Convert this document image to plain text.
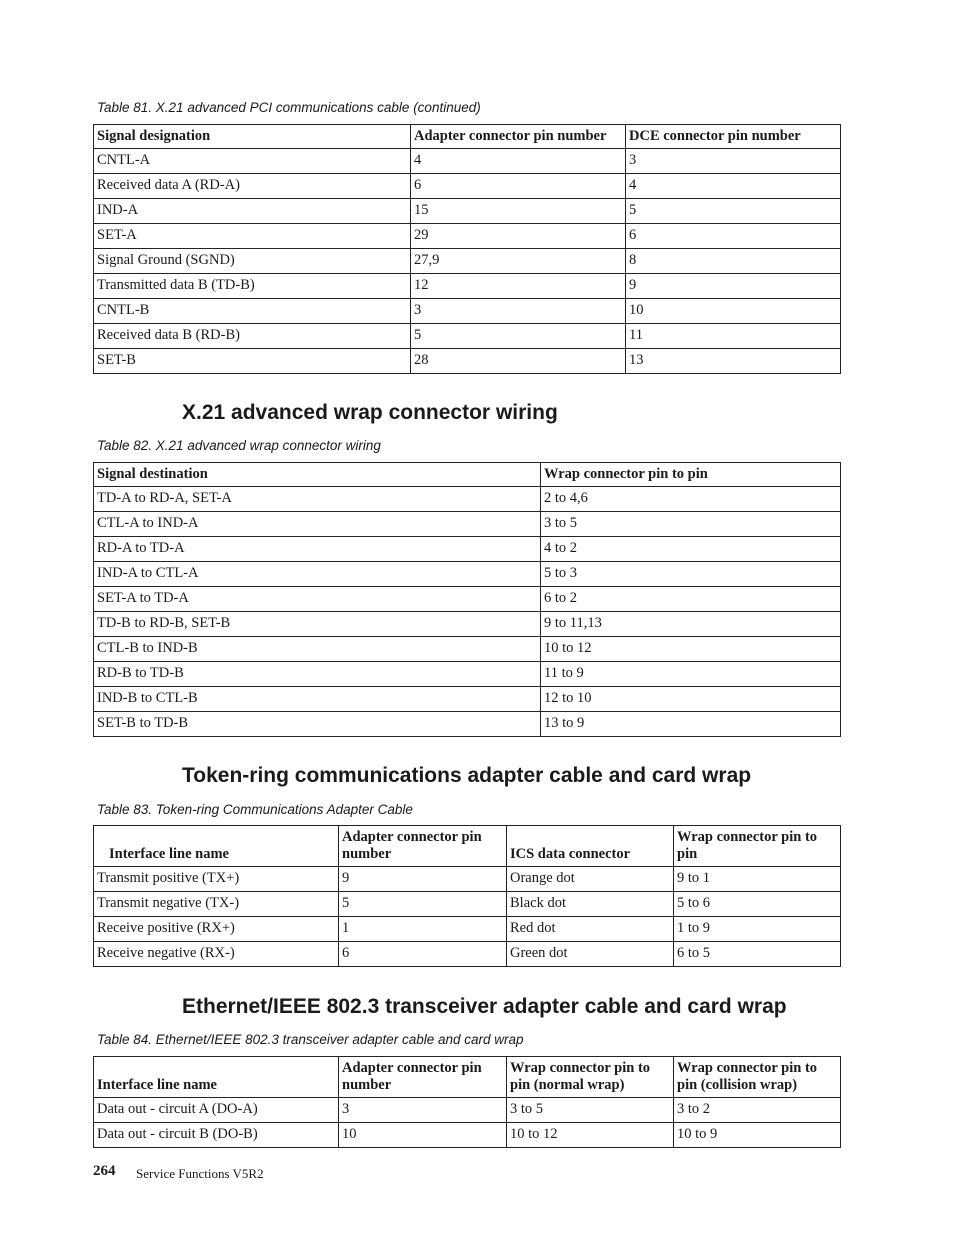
Table 81. X.21 advanced PCI communications cable (continued)
Signal designation	Adapter connector pin number	DCE connector pin number
CNTL-A	4	3
Received data A (RD-A)	6	4
IND-A	15	5
SET-A	29	6
Signal Ground (SGND)	27,9	8
Transmitted data B (TD-B)	12	9
CNTL-B	3	10
Received data B (RD-B)	5	11
SET-B	28	13
X.21 advanced wrap connector wiring
Table 82. X.21 advanced wrap connector wiring
Signal destination	Wrap connector pin to pin
TD-A to RD-A, SET-A	2 to 4,6
CTL-A to IND-A	3 to 5
RD-A to TD-A	4 to 2
IND-A to CTL-A	5 to 3
SET-A to TD-A	6 to 2
TD-B to RD-B, SET-B	9 to 11,13
CTL-B to IND-B	10 to 12
RD-B to TD-B	11 to 9
IND-B to CTL-B	12 to 10
SET-B to TD-B	13 to 9
Token-ring communications adapter cable and card wrap
Table 83. Token-ring Communications Adapter Cable
Interface line name	Adapter connector pin number	ICS data connector	Wrap connector pin to pin
Transmit positive (TX+)	9	Orange dot	9 to 1
Transmit negative (TX-)	5	Black dot	5 to 6
Receive positive (RX+)	1	Red dot	1 to 9
Receive negative (RX-)	6	Green dot	6 to 5
Ethernet/IEEE 802.3 transceiver adapter cable and card wrap
Table 84. Ethernet/IEEE 802.3 transceiver adapter cable and card wrap
Interface line name	Adapter connector pin number	Wrap connector pin to pin (normal wrap)	Wrap connector pin to pin (collision wrap)
Data out - circuit A (DO-A)	3	3 to 5	3 to 2
Data out - circuit B (DO-B)	10	10 to 12	10 to 9
264 Service Functions V5R2
